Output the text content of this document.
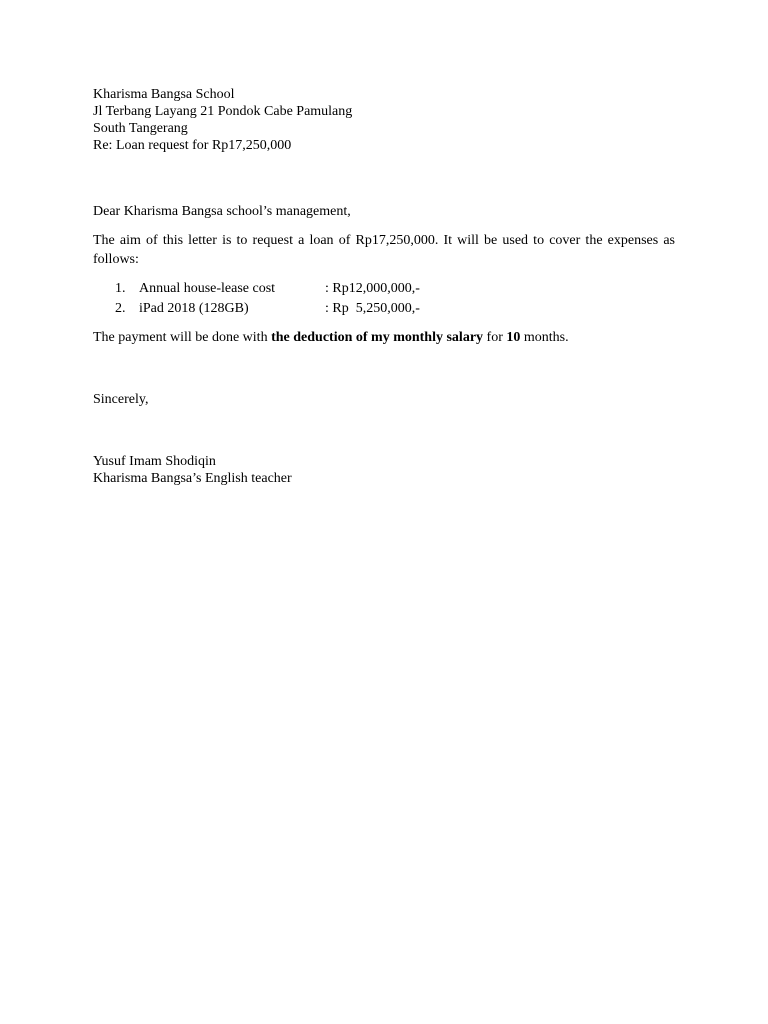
Kharisma Bangsa School
Jl Terbang Layang 21 Pondok Cabe Pamulang
South Tangerang
Re: Loan request for Rp17,250,000
Dear Kharisma Bangsa school’s management,
The aim of this letter is to request a loan of Rp17,250,000. It will be used to cover the expenses as follows:
1. Annual house-lease cost	: Rp12,000,000,-
2. iPad 2018 (128GB)	: Rp  5,250,000,-
The payment will be done with the deduction of my monthly salary for 10 months.
Sincerely,
Yusuf Imam Shodiqin
Kharisma Bangsa’s English teacher
